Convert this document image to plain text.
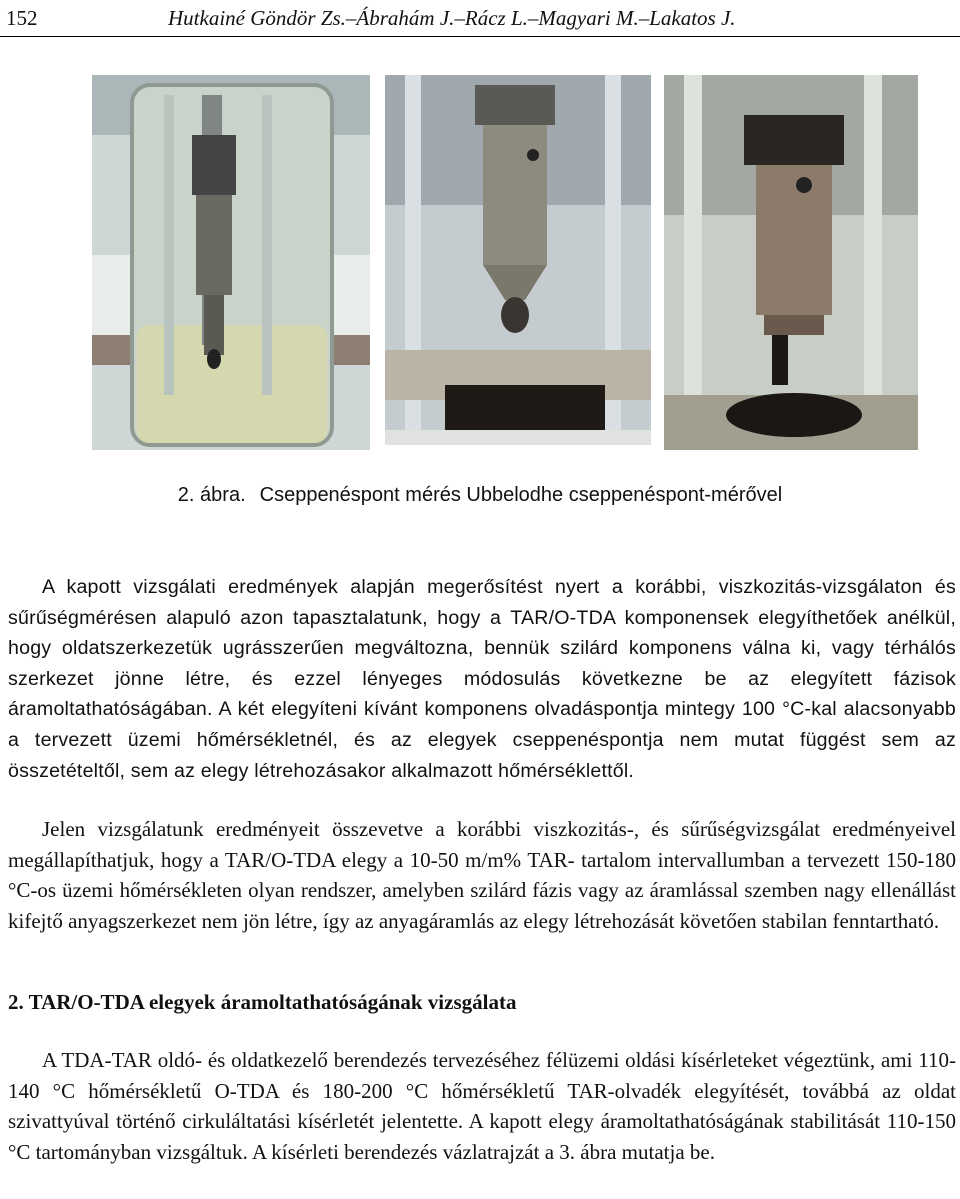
152	Hutkainé Göndör Zs.–Ábrahám J.–Rácz L.–Magyari M.–Lakatos J.
2. ábra. Cseppenéspont mérés Ubbelodhe cseppenéspont-mérővel

A kapott vizsgálati eredmények alapján megerősítést nyert a korábbi, viszkozitás-vizsgálaton és sűrűségmérésen alapuló azon tapasztalatunk, hogy a TAR/O-TDA komponensek elegyíthetőek anélkül, hogy oldatszerkezetük ugrásszerűen megváltozna, bennük szilárd komponens válna ki, vagy térhálós szerkezet jönne létre, és ezzel lényeges módosulás következne be az elegyített fázisok áramoltathatóságában. A két elegyíteni kívánt komponens olvadáspontja mintegy 100 °C-kal alacsonyabb a tervezett üzemi hőmérsékletnél, és az elegyek cseppenéspontja nem mutat függést sem az összetételtől, sem az elegy létrehozásakor alkalmazott hőmérséklettől.

Jelen vizsgálatunk eredményeit összevetve a korábbi viszkozitás-, és sűrűségvizsgálat eredményeivel megállapíthatjuk, hogy a TAR/O-TDA elegy a 10-50 m/m% TAR- tartalom intervallumban a tervezett 150-180 °C-os üzemi hőmérsékleten olyan rendszer, amelyben szilárd fázis vagy az áramlással szemben nagy ellenállást kifejtő anyagszerkezet nem jön létre, így az anyagáramlás az elegy létrehozását követően stabilan fenntartható.

2. TAR/O-TDA elegyek áramoltathatóságának vizsgálata

A TDA-TAR oldó- és oldatkezelő berendezés tervezéséhez félüzemi oldási kísérleteket végeztünk, ami 110-140 °C hőmérsékletű O-TDA és 180-200 °C hőmérsékletű TAR-olvadék elegyítését, továbbá az oldat szivattyúval történő cirkuláltatási kísérletét jelentette. A kapott elegy áramoltathatóságának stabilitását 110-150 °C tartományban vizsgáltuk. A kísérleti berendezés vázlatrajzát a 3. ábra mutatja be.
